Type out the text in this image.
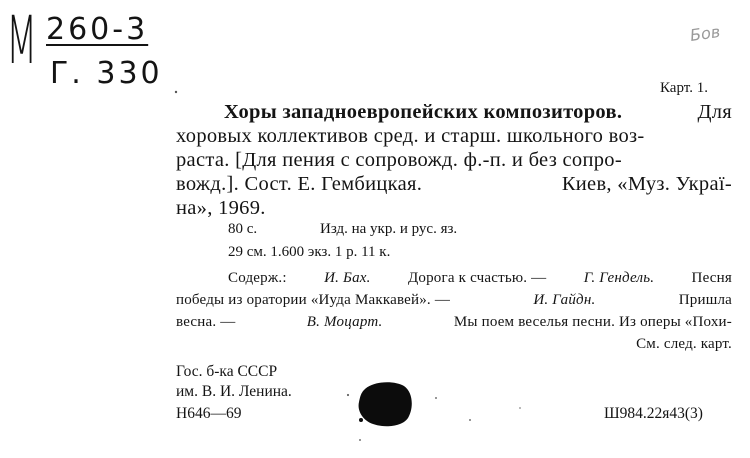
М 260-3
Г. 330
Бов
Карт. 1.
Хоры западноевропейских композиторов.	Для
хоровых коллективов сред. и старш. школьного воз-
раста. [Для пения с сопровожд. ф.-п. и без сопро-
вожд.]. Сост. Е. Гембицкая.	Киев, «Муз. Украї-
на», 1969.
80 с.	Изд. на укр. и рус. яз.
29 см. 1.600 экз. 1 р. 11 к.
Содерж.: И. Бах. Дорога к счастью. — Г. Гендель. Песня
победы из оратории «Иуда Маккавей». —	И. Гайдн.	Пришла
весна. —	В. Моцарт.	Мы поем веселья песни. Из оперы «Похи-
См. след. карт.
Гос. б-ка СССР
им. В. И. Ленина.
Н646—69	Ш984.22я43(3)
